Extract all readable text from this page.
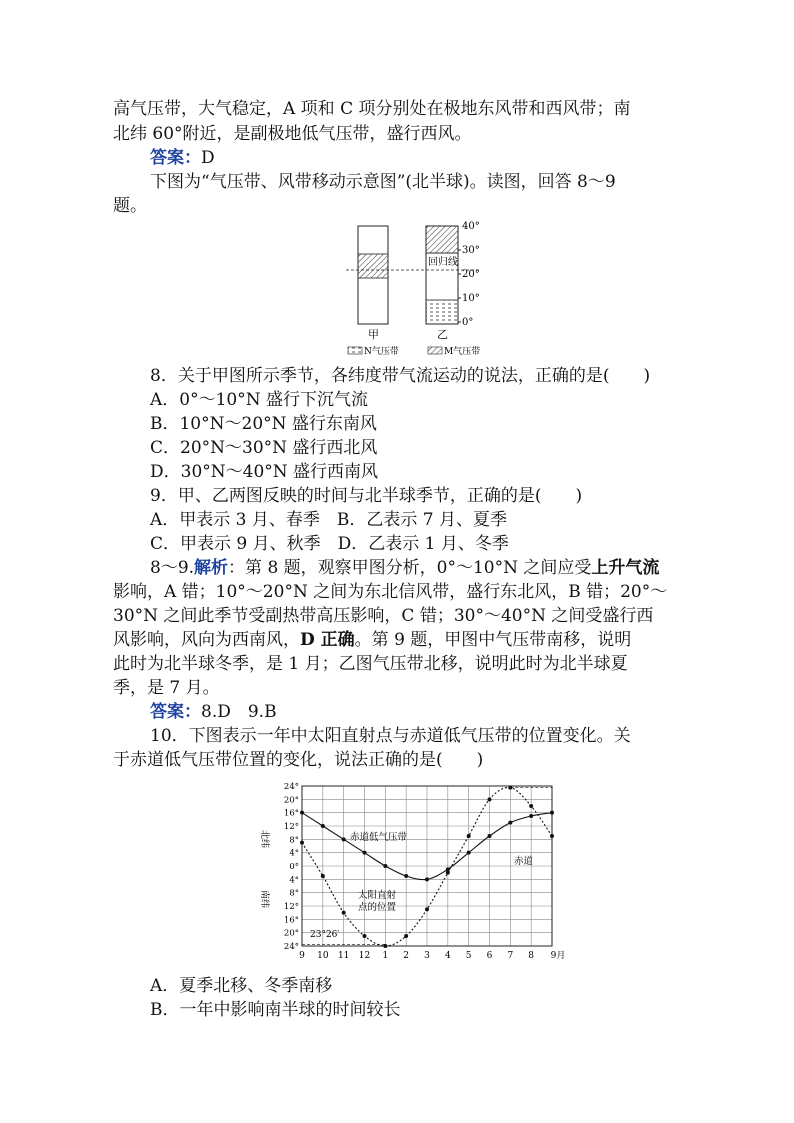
高气压带，大气稳定，A 项和 C 项分别处在极地东风带和西风带；南
北纬 60°附近，是副极地低气压带，盛行西风。
答案：D
下图为“气压带、风带移动示意图”(北半球)。读图，回答 8～9
题。
回归线
40°
30°
20°
10°
0°
甲	乙
N气压带	M气压带
8．关于甲图所示季节，各纬度带气流运动的说法，正确的是(　　)
A．0°～10°N 盛行下沉气流
B．10°N～20°N 盛行东南风
C．20°N～30°N 盛行西北风
D．30°N～40°N 盛行西南风
9．甲、乙两图反映的时间与北半球季节，正确的是(　　)
A．甲表示 3 月、春季　B．乙表示 7 月、夏季
C．甲表示 9 月、秋季　D．乙表示 1 月、冬季
8～9.解析：第 8 题，观察甲图分析，0°～10°N 之间应受上升气流
影响，A 错；10°～20°N 之间为东北信风带，盛行东北风，B 错；20°～
30°N 之间此季节受副热带高压影响，C 错；30°～40°N 之间受盛行西
风影响，风向为西南风，D 正确。第 9 题，甲图中气压带南移，说明
此时为北半球冬季，是 1 月；乙图气压带北移，说明此时为北半球夏
季，是 7 月。
答案：8.D　9.B
10．下图表示一年中太阳直射点与赤道低气压带的位置变化。关
于赤道低气压带位置的变化，说法正确的是(　　)
24°
20°
16°
12°
8°
4°
0°
4°
8°
12°
16°
20°
24°
9 10 11 12 1 2 3 4 5 6 7 8 9月
北纬
南纬
赤道低气压带
赤道
太阳直射
点的位置
23°26′
A．夏季北移、冬季南移
B．一年中影响南半球的时间较长
